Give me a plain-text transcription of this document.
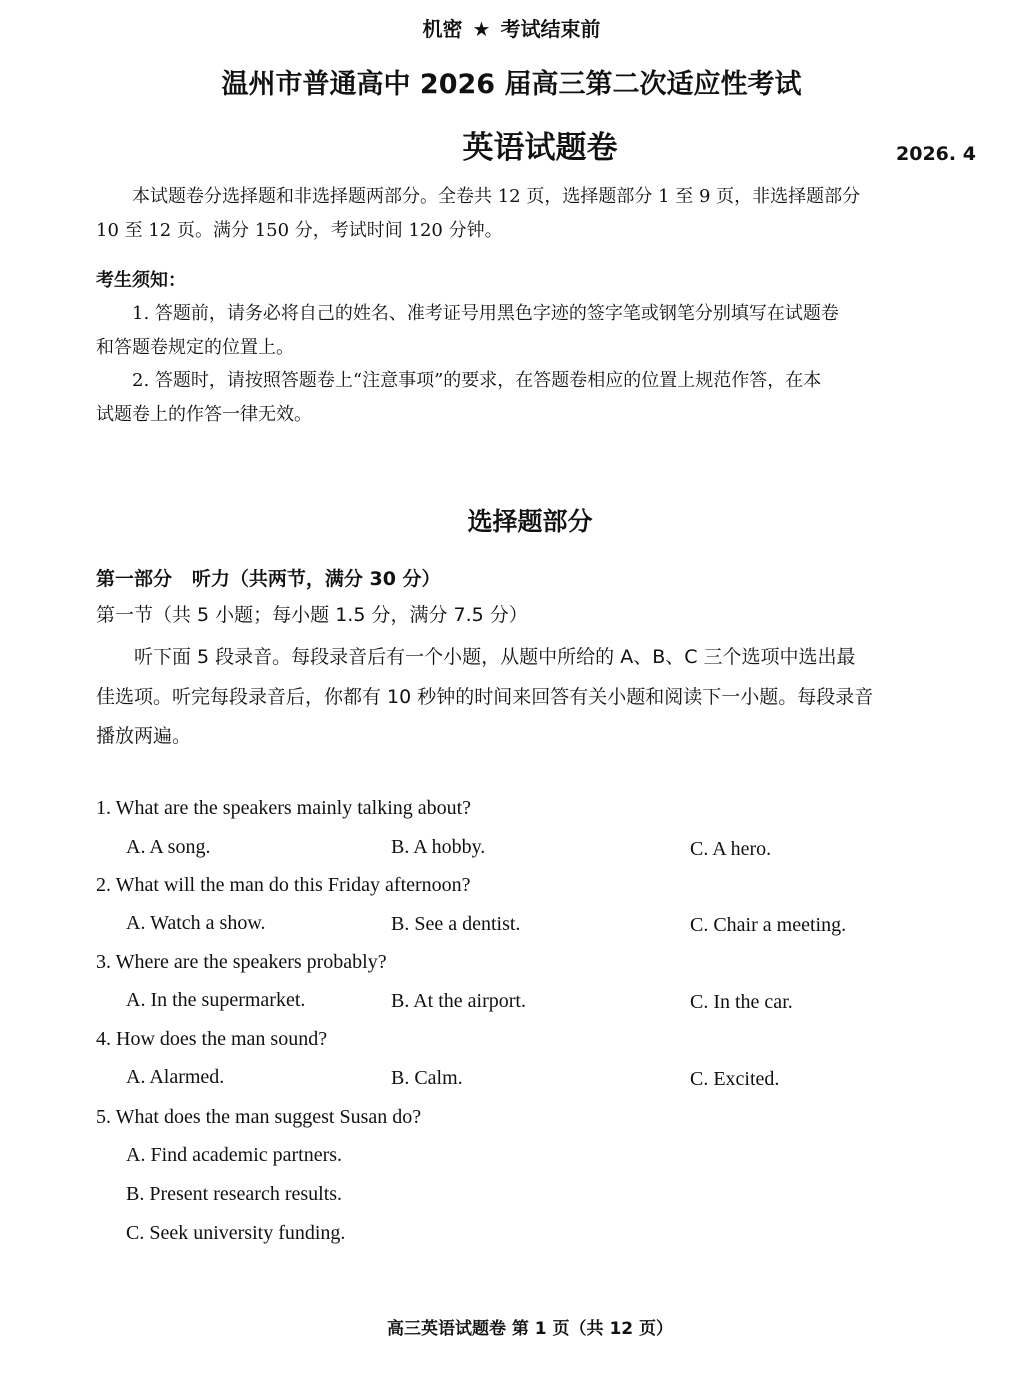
机密 ★ 考试结束前
温州市普通高中 2026 届高三第二次适应性考试
英语试题卷	2026. 4
本试题卷分选择题和非选择题两部分。全卷共 12 页，选择题部分 1 至 9 页，非选择题部分
10 至 12 页。满分 150 分，考试时间 120 分钟。
考生须知：
1. 答题前，请务必将自己的姓名、准考证号用黑色字迹的签字笔或钢笔分别填写在试题卷
和答题卷规定的位置上。
2. 答题时，请按照答题卷上“注意事项”的要求，在答题卷相应的位置上规范作答，在本
试题卷上的作答一律无效。
选择题部分
第一部分 听力（共两节，满分 30 分）
第一节（共 5 小题；每小题 1.5 分，满分 7.5 分）
听下面 5 段录音。每段录音后有一个小题，从题中所给的 A、B、C 三个选项中选出最
佳选项。听完每段录音后，你都有 10 秒钟的时间来回答有关小题和阅读下一小题。每段录音
播放两遍。
1. What are the speakers mainly talking about?
A. A song.	B. A hobby.	C. A hero.
2. What will the man do this Friday afternoon?
A. Watch a show.	B. See a dentist.	C. Chair a meeting.
3. Where are the speakers probably?
A. In the supermarket.	B. At the airport.	C. In the car.
4. How does the man sound?
A. Alarmed.	B. Calm.	C. Excited.
5. What does the man suggest Susan do?
A. Find academic partners.
B. Present research results.
C. Seek university funding.
高三英语试题卷 第 1 页（共 12 页）
